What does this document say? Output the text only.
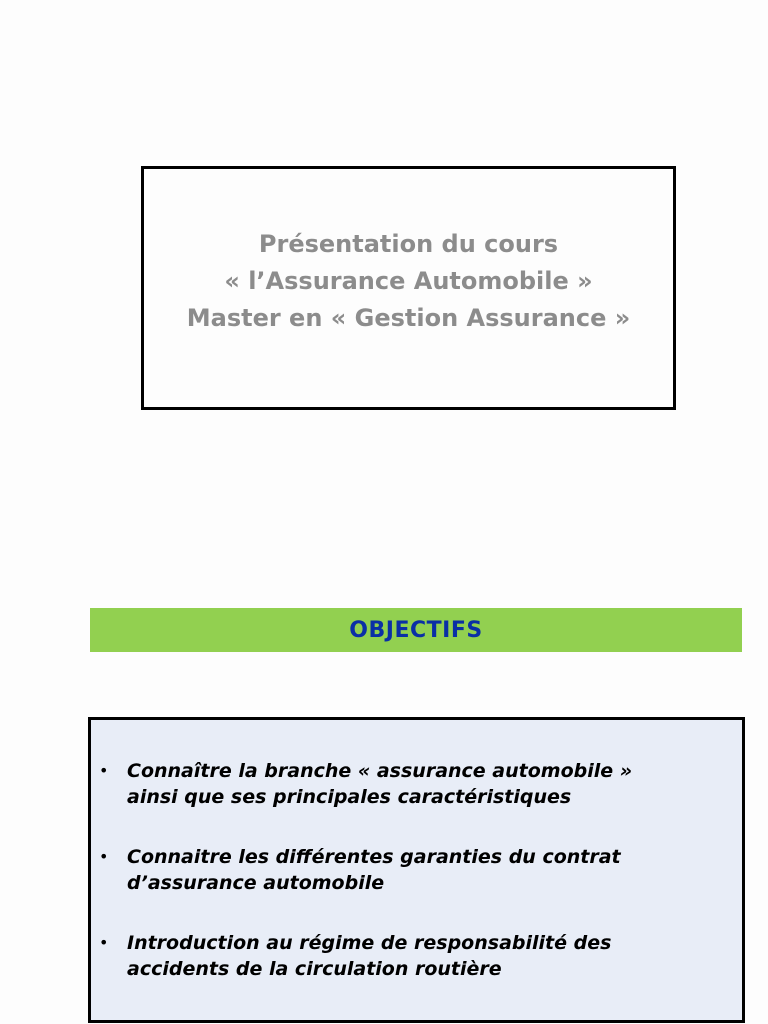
Présentation du cours
« l’Assurance Automobile »
Master en « Gestion Assurance »
OBJECTIFS
• Connaître la branche « assurance automobile »
ainsi que ses principales caractéristiques
• Connaitre les différentes garanties du contrat
d’assurance automobile
• Introduction au régime de responsabilité des
accidents de la circulation routière
